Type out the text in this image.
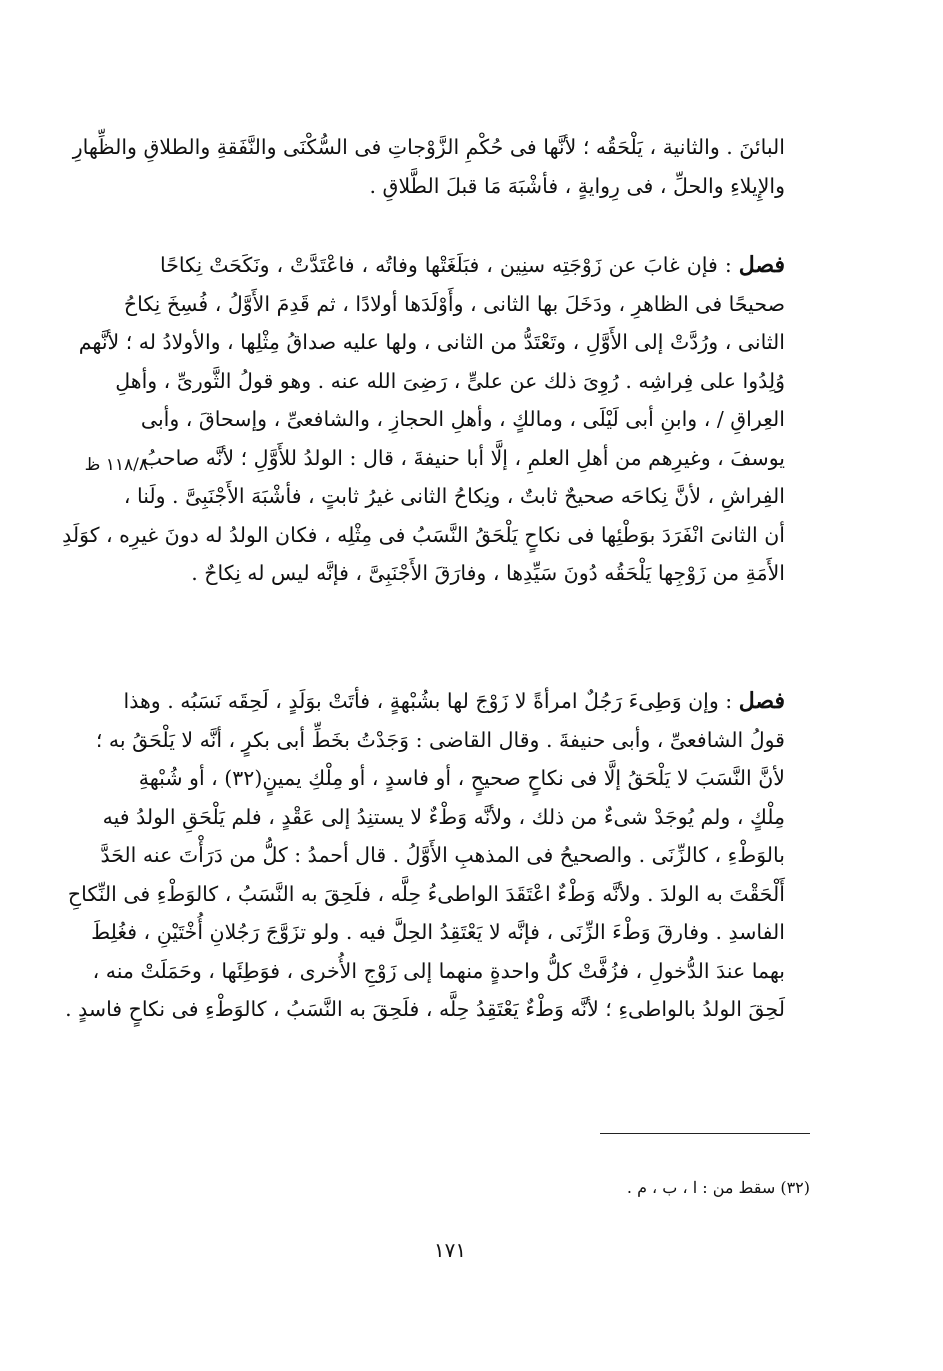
البائنَ . والثانية ، يَلْحَقُه ؛ لأنَّها فى حُكْمِ الزَّوْجاتِ فى السُّكْنَى والنَّفَقةِ والطلاقِ والظِّهارِ
والإِيلاءِ والحلِّ ، فى رِوايةٍ ، فأشْبَهَ مَا قبلَ الطَّلاقِ .
فصل : فإن غابَ عن زَوْجَتِه سنِين ، فبَلَغَتْها وفاتُه ، فاعْتَدَّتْ ، ونَكَحَتْ نِكاحًا
صحيحًا فى الظاهرِ ، ودَخَلَ بها الثانى ، وأَوْلَدَها أولادًا ، ثم قَدِمَ الأَوَّلُ ، فُسِخَ نِكاحُ
الثانى ، ورُدَّتْ إلى الأَوَّلِ ، وتَعْتَدُّ من الثانى ، ولها عليه صداقُ مِثْلِها ، والأولادُ له ؛ لأنَّهم
وُلِدُوا على فِراشِه . رُوِىَ ذلك عن علىٍّ ، رَضِىَ الله عنه . وهو قولُ الثَّورىِّ ، وأهلِ
العِراقِ / ، وابنِ أبى لَيْلَى ، ومالكٍ ، وأهلِ الحجازِ ، والشافعىِّ ، وإسحاقَ ، وأبى
يوسفَ ، وغيرِهم من أهلِ العلمِ ، إلَّا أبا حنيفةَ ، قال : الولدُ للأَوَّلِ ؛ لأنَّه صاحبُ
الفِراشِ ، لأنَّ نِكاحَه صحيحٌ ثابتٌ ، ونِكاحُ الثانى غيرُ ثابتٍ ، فأشْبَهَ الأَجْنَبِىَّ . ولَنا ،
أن الثانىَ انْفَرَدَ بوَطْئِها فى نكاحٍ يَلْحَقُ النَّسَبُ فى مِثْلِه ، فكان الولدُ له دونَ غيرِه ، كوَلَدِ
الأَمَةِ من زَوْجِها يَلْحَقُه دُونَ سَيِّدِها ، وفارَقَ الأَجْنَبِىَّ ، فإنَّه ليس له نِكاحٌ .
١١٨/٨ ظ
فصل : وإن وَطِىءَ رَجُلٌ امرأةً لا زَوْجَ لها بشُبْهةٍ ، فأتَتْ بوَلَدٍ ، لَحِقَه نَسَبُه . وهذا
قولُ الشافعىِّ ، وأبى حنيفةَ . وقال القاضى : وَجَدْتُ بخَطِّ أبى بكرٍ ، أنَّه لا يَلْحَقُ به ؛
لأنَّ النَّسَبَ لا يَلْحَقُ إلَّا فى نكاحٍ صحيحٍ ، أو فاسدٍ ، أو مِلْكِ يمينٍ(٣٢) ، أو شُبْهةِ
مِلْكٍ ، ولم يُوجَدْ شىءٌ من ذلك ، ولأنَّه وَطْءٌ لا يستنِدُ إلى عَقْدٍ ، فلم يَلْحَقِ الولدُ فيه
بالوَطْءِ ، كالزِّنَى . والصحيحُ فى المذهبِ الأَوَّلُ . قال أحمدُ : كلُّ من دَرَأْتَ عنه الحَدَّ
أَلْحَقْتَ به الولدَ . ولأنَّه وَطْءٌ اعْتَقَدَ الواطىءُ حِلَّه ، فلَحِقَ به النَّسَبُ ، كالوَطْءِ فى النِّكاحِ
الفاسدِ . وفارقَ وَطْءَ الزِّنَى ، فإنَّه لا يَعْتَقِدُ الحِلَّ فيه . ولو تزَوَّجَ رَجُلانِ أُخْتَيْنِ ، فغُلِطَ
بهما عندَ الدُّخولِ ، فزُفَّتْ كلُّ واحدةٍ منهما إلى زَوْجِ الأُخرى ، فوَطِئَها ، وحَمَلَتْ منه ،
لَحِقَ الولدُ بالواطىءِ ؛ لأنَّه وَطْءٌ يَعْتَقِدُ حِلَّه ، فلَحِقَ به النَّسَبُ ، كالوَطْءِ فى نكاحٍ فاسدٍ .
(٣٢) سقط من : ا ، ب ، م .
١٧١
